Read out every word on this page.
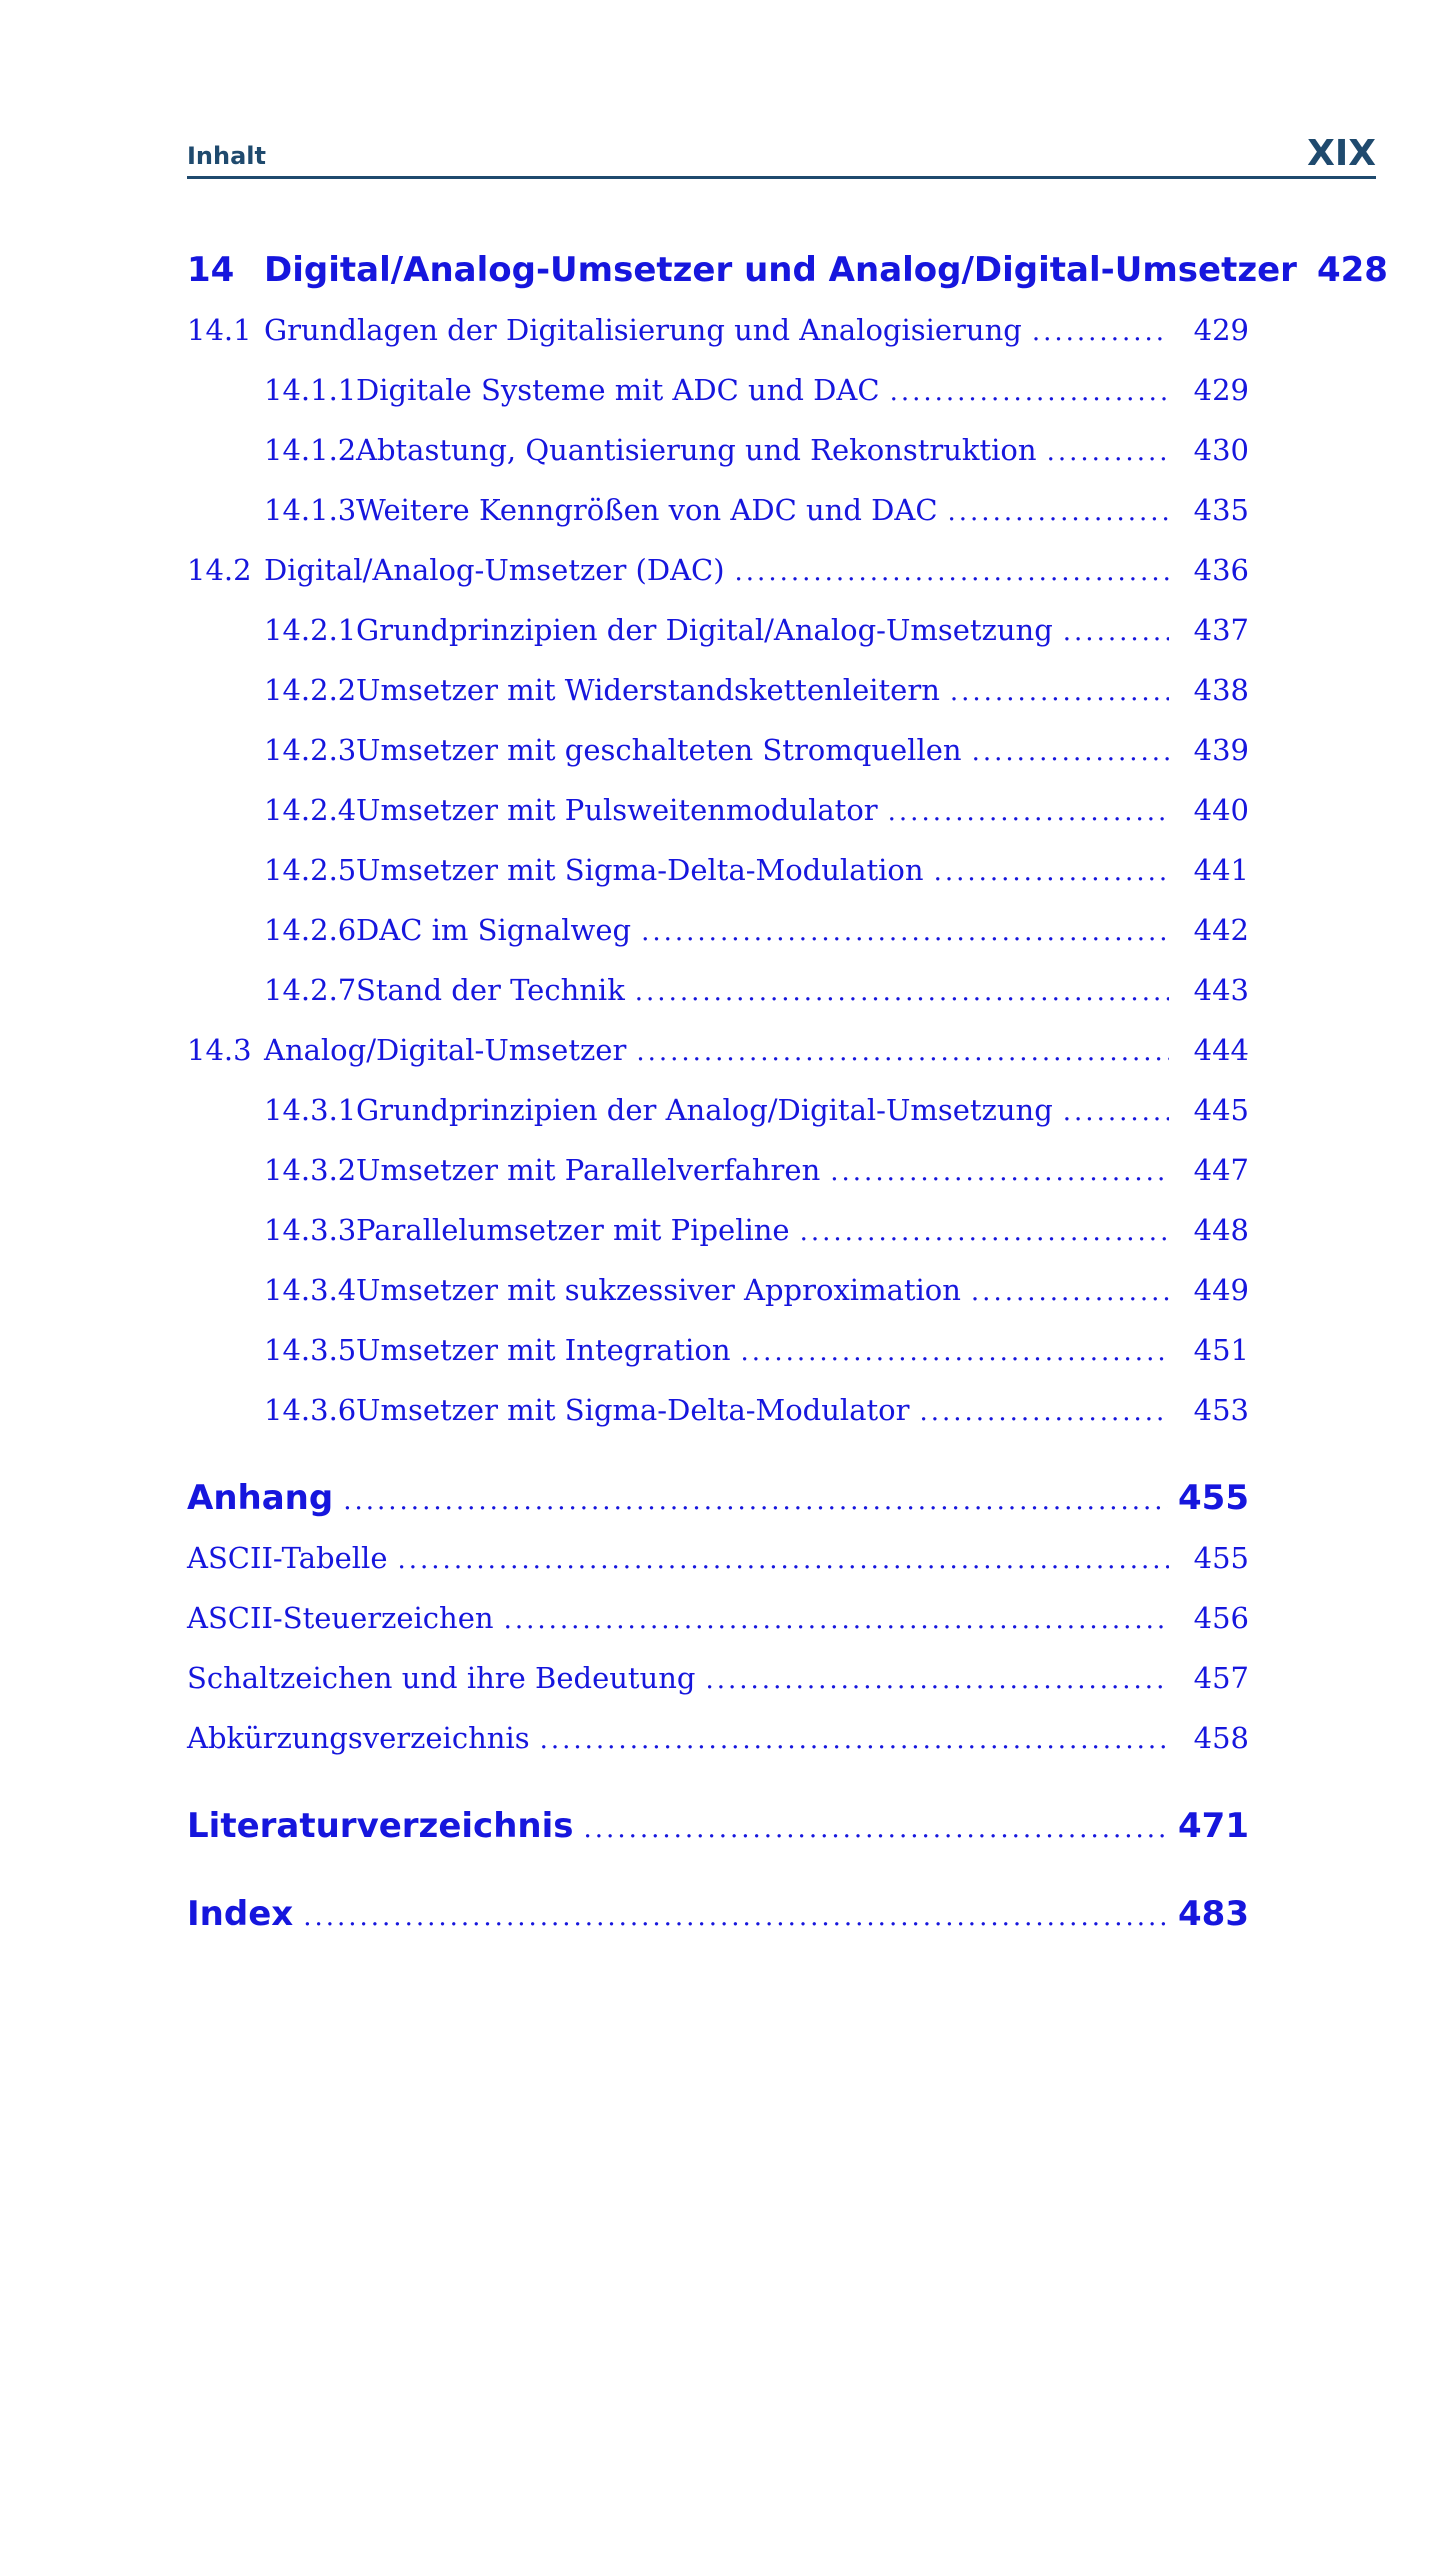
Inhalt	XIX
14 Digital/Analog-Umsetzer und Analog/Digital-Umsetzer 428
14.1 Grundlagen der Digitalisierung und Analogisierung .....	429
14.1.1 Digitale Systeme mit ADC und DAC .....	429
14.1.2 Abtastung, Quantisierung und Rekonstruktion .....	430
14.1.3 Weitere Kenngrößen von ADC und DAC .....	435
14.2 Digital/Analog-Umsetzer (DAC) .....	436
14.2.1 Grundprinzipien der Digital/Analog-Umsetzung .....	437
14.2.2 Umsetzer mit Widerstandskettenleitern .....	438
14.2.3 Umsetzer mit geschalteten Stromquellen .....	439
14.2.4 Umsetzer mit Pulsweitenmodulator .....	440
14.2.5 Umsetzer mit Sigma-Delta-Modulation .....	441
14.2.6 DAC im Signalweg .....	442
14.2.7 Stand der Technik .....	443
14.3 Analog/Digital-Umsetzer .....	444
14.3.1 Grundprinzipien der Analog/Digital-Umsetzung .....	445
14.3.2 Umsetzer mit Parallelverfahren .....	447
14.3.3 Parallelumsetzer mit Pipeline .....	448
14.3.4 Umsetzer mit sukzessiver Approximation .....	449
14.3.5 Umsetzer mit Integration .....	451
14.3.6 Umsetzer mit Sigma-Delta-Modulator .....	453
Anhang .....	455
ASCII-Tabelle .....	455
ASCII-Steuerzeichen .....	456
Schaltzeichen und ihre Bedeutung .....	457
Abkürzungsverzeichnis .....	458
Literaturverzeichnis .....	471
Index .....	483
